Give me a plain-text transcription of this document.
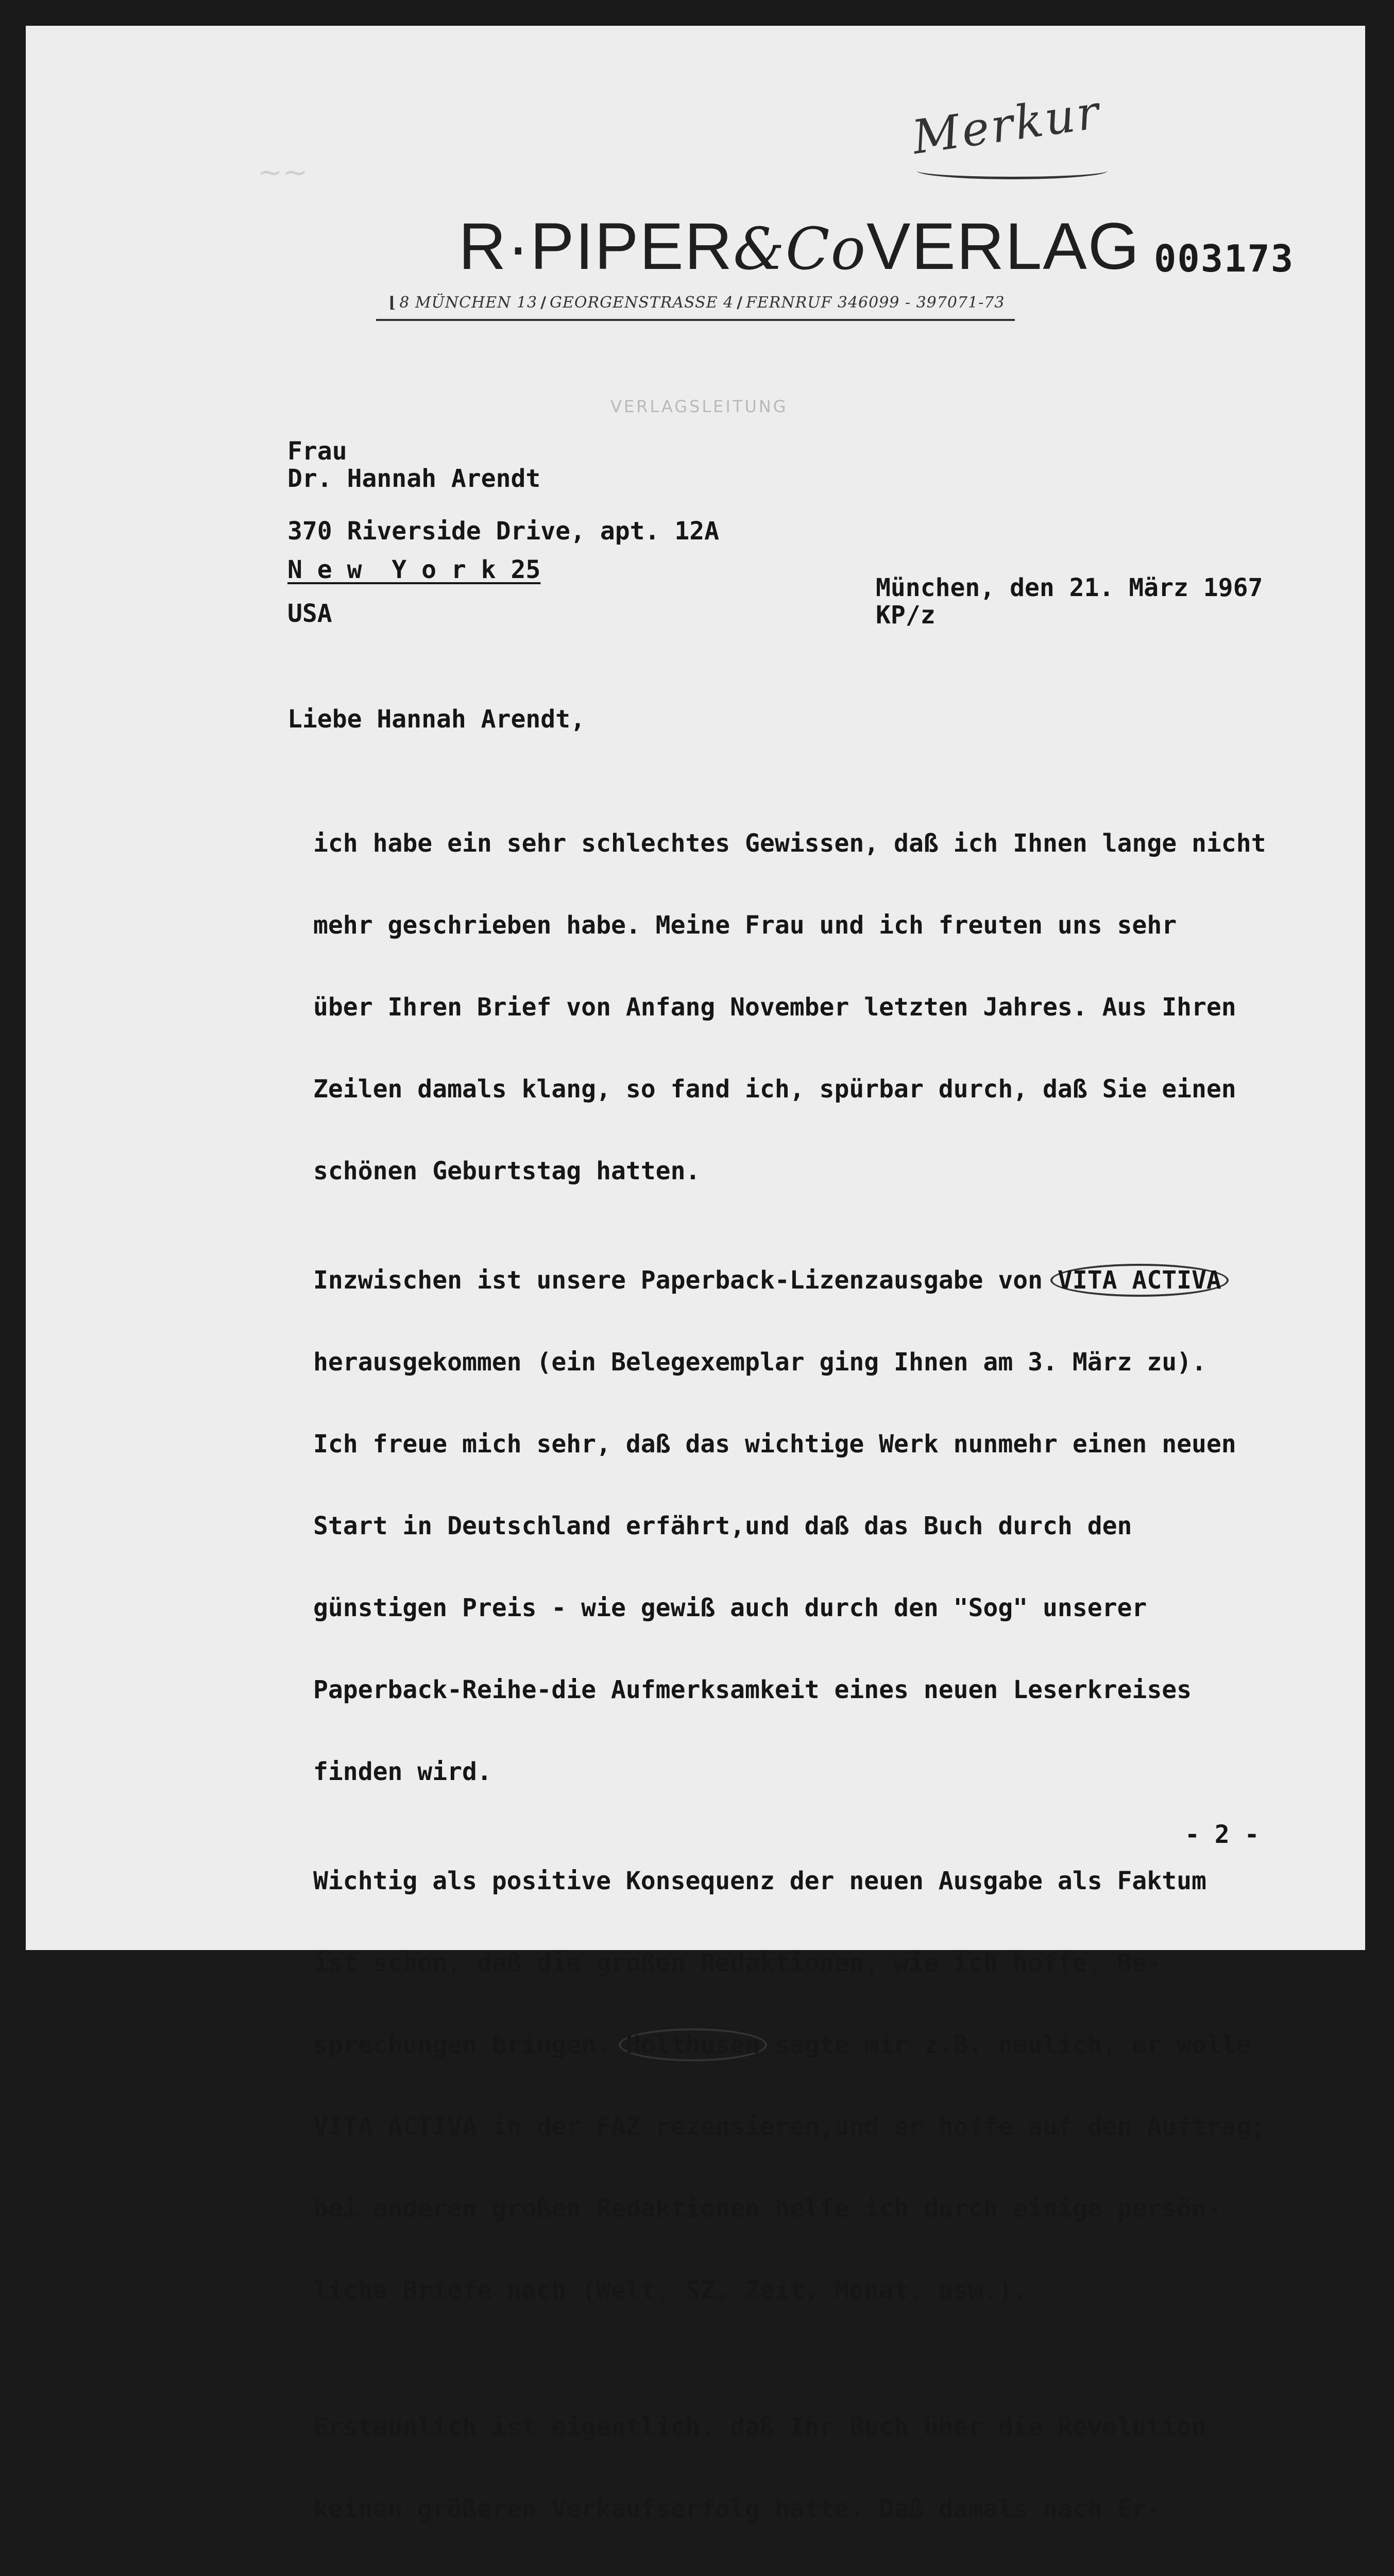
Merkur
~~
R·PIPER&CoVERLAG 003173
⌊ 8 MÜNCHEN 13 / GEORGENSTRASSE 4 / FERNRUF 346099 - 397071-73
VERLAGSLEITUNG
Frau
Dr. Hannah Arendt
370 Riverside Drive, apt. 12A
N e w  Y o r k 25
USA
München, den 21. März 1967
KP/z
Liebe Hannah Arendt,

ich habe ein sehr schlechtes Gewissen, daß ich Ihnen lange nicht

mehr geschrieben habe. Meine Frau und ich freuten uns sehr

über Ihren Brief von Anfang November letzten Jahres. Aus Ihren

Zeilen damals klang, so fand ich, spürbar durch, daß Sie einen

schönen Geburtstag hatten.

Inzwischen ist unsere Paperback-Lizenzausgabe von VITA ACTIVA

herausgekommen (ein Belegexemplar ging Ihnen am 3. März zu).

Ich freue mich sehr, daß das wichtige Werk nunmehr einen neuen

Start in Deutschland erfährt,und daß das Buch durch den

günstigen Preis - wie gewiß auch durch den "Sog" unserer

Paperback-Reihe-die Aufmerksamkeit eines neuen Leserkreises

finden wird.

Wichtig als positive Konsequenz der neuen Ausgabe als Faktum

ist schon, daß die großen Redaktionen, wie ich hoffe, Be-

sprechungen bringen. Holthusen sagte mir z.B. neulich, er wolle

VITA ACTIVA in der FAZ rezensieren,und er hoffe auf den Auftrag;

bei anderen großen Redaktionen helfe ich durch einige persön-

liche Briefe nach (Welt, SZ, Zeit, Monat, usw.).

Erstaunlich ist eigentlich, daß Ihr Buch über die Revolution

keinen größeren Verkaufserfolg hatte. Daß damals nach Er-

- 2 -
